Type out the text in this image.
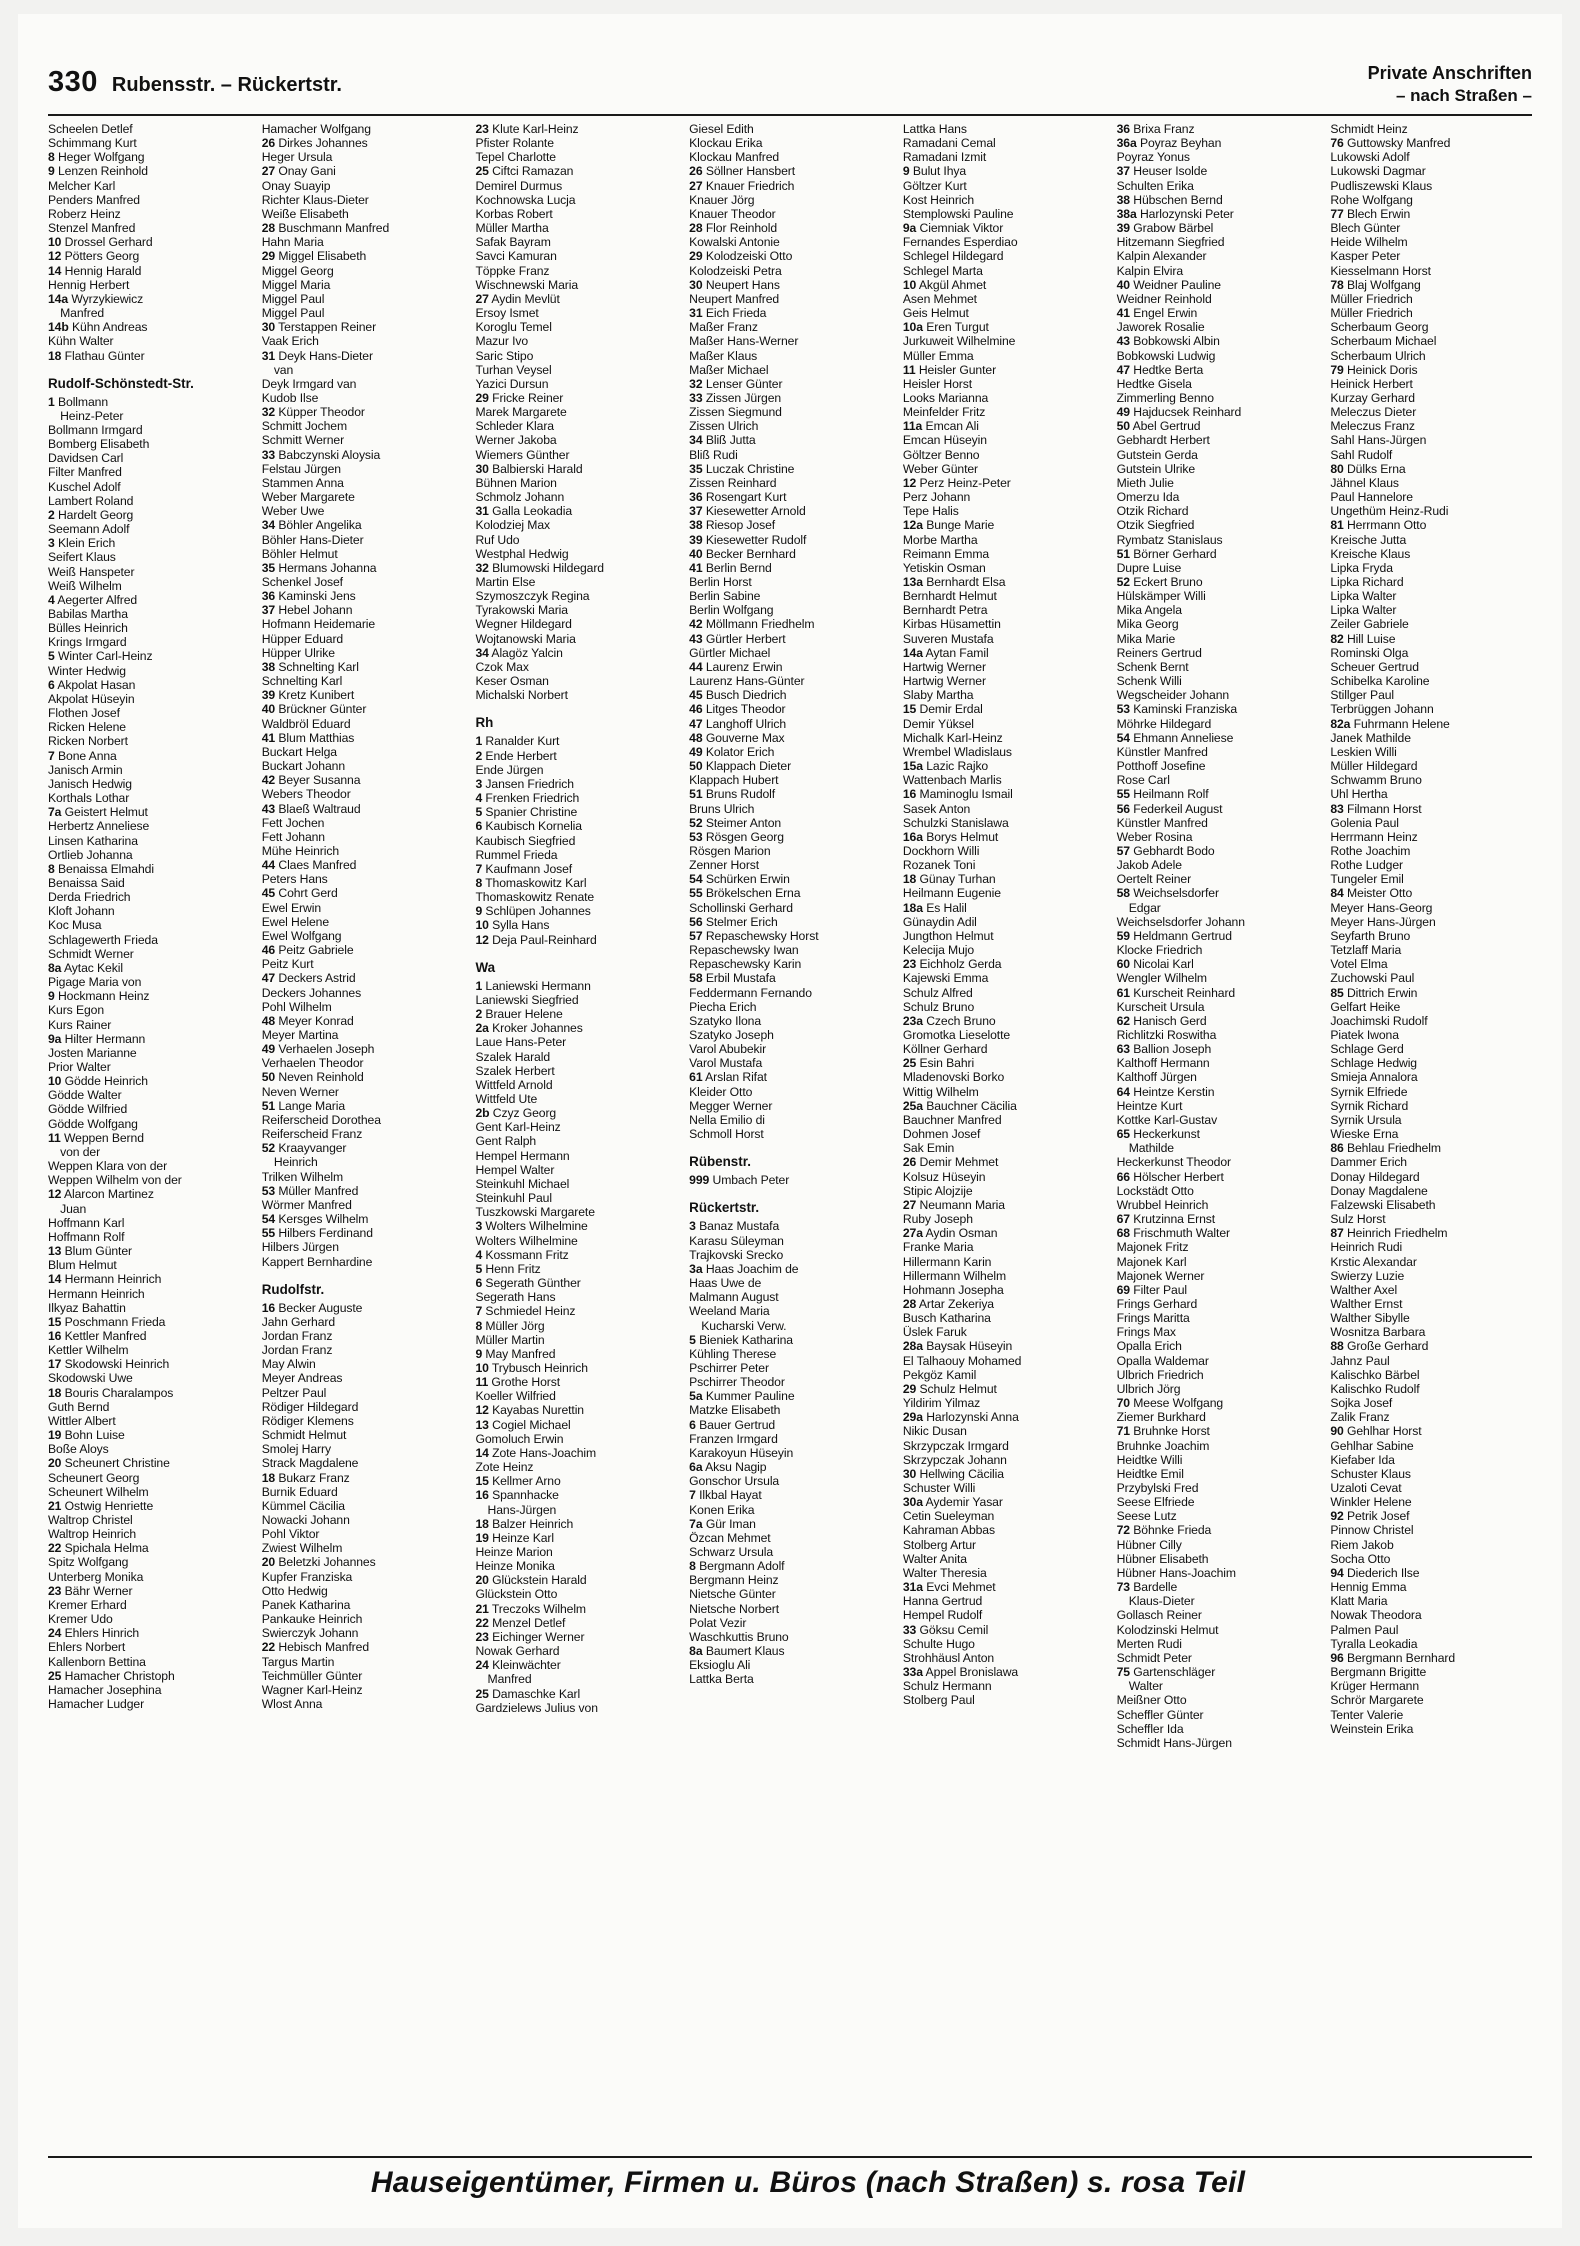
330 Rubensstr. – Rückertstr.
Private Anschriften
– nach Straßen –
Scheelen Detlef
Schimmang Kurt
8 Heger Wolfgang
9 Lenzen Reinhold
Melcher Karl
Penders Manfred
Roberz Heinz
Stenzel Manfred
10 Drossel Gerhard
12 Pötters Georg
14 Hennig Harald
Hennig Herbert
14a Wyrzykiewicz
 Manfred
14b Kühn Andreas
Kühn Walter
18 Flathau Günter
Rudolf-Schönstedt-Str.
1 Bollmann
 Heinz-Peter
Bollmann Irmgard
Bomberg Elisabeth
Davidsen Carl
Filter Manfred
Kuschel Adolf
Lambert Roland
2 Hardelt Georg
Seemann Adolf
3 Klein Erich
Seifert Klaus
Weiß Hanspeter
Weiß Wilhelm
4 Aegerter Alfred
Babilas Martha
Bülles Heinrich
Krings Irmgard
5 Winter Carl-Heinz
Winter Hedwig
6 Akpolat Hasan
Akpolat Hüseyin
Flothen Josef
Ricken Helene
Ricken Norbert
7 Bone Anna
Janisch Armin
Janisch Hedwig
Korthals Lothar
7a Geistert Helmut
Herbertz Anneliese
Linsen Katharina
Ortlieb Johanna
8 Benaissa Elmahdi
Benaissa Said
Derda Friedrich
Kloft Johann
Koc Musa
Schlagewerth Frieda
Schmidt Werner
8a Aytac Kekil
Pigage Maria von
9 Hockmann Heinz
Kurs Egon
Kurs Rainer
9a Hilter Hermann
Josten Marianne
Prior Walter
10 Gödde Heinrich
Gödde Walter
Gödde Wilfried
Gödde Wolfgang
11 Weppen Bernd
 von der
Weppen Klara von der
Weppen Wilhelm von der
12 Alarcon Martinez
 Juan
Hoffmann Karl
Hoffmann Rolf
13 Blum Günter
Blum Helmut
14 Hermann Heinrich
Hermann Heinrich
Ilkyaz Bahattin
15 Poschmann Frieda
16 Kettler Manfred
Kettler Wilhelm
17 Skodowski Heinrich
Skodowski Uwe
18 Bouris Charalampos
Guth Bernd
Wittler Albert
19 Bohn Luise
Boße Aloys
20 Scheunert Christine
Scheunert Georg
Scheunert Wilhelm
21 Ostwig Henriette
Waltrop Christel
Waltrop Heinrich
22 Spichala Helma
Spitz Wolfgang
Unterberg Monika
23 Bähr Werner
Kremer Erhard
Kremer Udo
24 Ehlers Hinrich
Ehlers Norbert
Kallenborn Bettina
25 Hamacher Christoph
Hamacher Josephina
Hamacher Ludger
Hamacher Wolfgang
26 Dirkes Johannes
Heger Ursula
27 Onay Gani
Onay Suayip
Richter Klaus-Dieter
Weiße Elisabeth
28 Buschmann Manfred
Hahn Maria
29 Miggel Elisabeth
Miggel Georg
Miggel Maria
Miggel Paul
Miggel Paul
30 Terstappen Reiner
Vaak Erich
31 Deyk Hans-Dieter
 van
Deyk Irmgard van
Kudob Ilse
32 Küpper Theodor
Schmitt Jochem
Schmitt Werner
33 Babczynski Aloysia
Felstau Jürgen
Stammen Anna
Weber Margarete
Weber Uwe
34 Böhler Angelika
Böhler Hans-Dieter
Böhler Helmut
35 Hermans Johanna
Schenkel Josef
36 Kaminski Jens
37 Hebel Johann
Hofmann Heidemarie
Hüpper Eduard
Hüpper Ulrike
38 Schnelting Karl
Schnelting Karl
39 Kretz Kunibert
40 Brückner Günter
Waldbröl Eduard
41 Blum Matthias
Buckart Helga
Buckart Johann
42 Beyer Susanna
Webers Theodor
43 Blaeß Waltraud
Fett Jochen
Fett Johann
Mühe Heinrich
44 Claes Manfred
Peters Hans
45 Cohrt Gerd
Ewel Erwin
Ewel Helene
Ewel Wolfgang
46 Peitz Gabriele
Peitz Kurt
47 Deckers Astrid
Deckers Johannes
Pohl Wilhelm
48 Meyer Konrad
Meyer Martina
49 Verhaelen Joseph
Verhaelen Theodor
50 Neven Reinhold
Neven Werner
51 Lange Maria
Reiferscheid Dorothea
Reiferscheid Franz
52 Kraayvanger
 Heinrich
Trilken Wilhelm
53 Müller Manfred
Wörmer Manfred
54 Kersges Wilhelm
55 Hilbers Ferdinand
Hilbers Jürgen
Kappert Bernhardine
Rudolfstr.
16 Becker Auguste
Jahn Gerhard
Jordan Franz
Jordan Franz
May Alwin
Meyer Andreas
Peltzer Paul
Rödiger Hildegard
Rödiger Klemens
Schmidt Helmut
Smolej Harry
Strack Magdalene
18 Bukarz Franz
Burnik Eduard
Kümmel Cäcilia
Nowacki Johann
Pohl Viktor
Zwiest Wilhelm
20 Beletzki Johannes
Kupfer Franziska
Otto Hedwig
Panek Katharina
Pankauke Heinrich
Swierczyk Johann
22 Hebisch Manfred
Targus Martin
Teichmüller Günter
Wagner Karl-Heinz
Wlost Anna
23 Klute Karl-Heinz
Pfister Rolante
Tepel Charlotte
25 Ciftci Ramazan
Demirel Durmus
Kochnowska Lucja
Korbas Robert
Müller Martha
Safak Bayram
Savci Kamuran
Töppke Franz
Wischnewski Maria
27 Aydin Mevlüt
Ersoy Ismet
Koroglu Temel
Mazur Ivo
Saric Stipo
Turhan Veysel
Yazici Dursun
29 Fricke Reiner
Marek Margarete
Schleder Klara
Werner Jakoba
Wiemers Günther
30 Balbierski Harald
Bühnen Marion
Schmolz Johann
31 Galla Leokadia
Kolodziej Max
Ruf Udo
Westphal Hedwig
32 Blumowski Hildegard
Martin Else
Szymoszczyk Regina
Tyrakowski Maria
Wegner Hildegard
Wojtanowski Maria
34 Alagöz Yalcin
Czok Max
Keser Osman
Michalski Norbert
Rh
1 Ranalder Kurt
2 Ende Herbert
Ende Jürgen
3 Jansen Friedrich
4 Frenken Friedrich
5 Spanier Christine
6 Kaubisch Kornelia
Kaubisch Siegfried
Rummel Frieda
7 Kaufmann Josef
8 Thomaskowitz Karl
Thomaskowitz Renate
9 Schlüpen Johannes
10 Sylla Hans
12 Deja Paul-Reinhard
Wa
1 Laniewski Hermann
Laniewski Siegfried
2 Brauer Helene
2a Kroker Johannes
Laue Hans-Peter
Szalek Harald
Szalek Herbert
Wittfeld Arnold
Wittfeld Ute
2b Czyz Georg
Gent Karl-Heinz
Gent Ralph
Hempel Hermann
Hempel Walter
Steinkuhl Michael
Steinkuhl Paul
Tuszkowski Margarete
3 Wolters Wilhelmine
Wolters Wilhelmine
4 Kossmann Fritz
5 Henn Fritz
6 Segerath Günther
Segerath Hans
7 Schmiedel Heinz
8 Müller Jörg
Müller Martin
9 May Manfred
10 Trybusch Heinrich
11 Grothe Horst
Koeller Wilfried
12 Kayabas Nurettin
13 Cogiel Michael
Gomoluch Erwin
14 Zote Hans-Joachim
Zote Heinz
15 Kellmer Arno
16 Spannhacke
 Hans-Jürgen
18 Balzer Heinrich
19 Heinze Karl
Heinze Marion
Heinze Monika
20 Glückstein Harald
Glückstein Otto
21 Treczoks Wilhelm
22 Menzel Detlef
23 Eichinger Werner
Nowak Gerhard
24 Kleinwächter
 Manfred
25 Damaschke Karl
Gardzielews Julius von
Giesel Edith
Klockau Erika
Klockau Manfred
26 Söllner Hansbert
27 Knauer Friedrich
Knauer Jörg
Knauer Theodor
28 Flor Reinhold
Kowalski Antonie
29 Kolodzeiski Otto
Kolodzeiski Petra
30 Neupert Hans
Neupert Manfred
31 Eich Frieda
Maßer Franz
Maßer Hans-Werner
Maßer Klaus
Maßer Michael
32 Lenser Günter
33 Zissen Jürgen
Zissen Siegmund
Zissen Ulrich
34 Bliß Jutta
Bliß Rudi
35 Luczak Christine
Zissen Reinhard
36 Rosengart Kurt
37 Kiesewetter Arnold
38 Riesop Josef
39 Kiesewetter Rudolf
40 Becker Bernhard
41 Berlin Bernd
Berlin Horst
Berlin Sabine
Berlin Wolfgang
42 Möllmann Friedhelm
43 Gürtler Herbert
Gürtler Michael
44 Laurenz Erwin
Laurenz Hans-Günter
45 Busch Diedrich
46 Litges Theodor
47 Langhoff Ulrich
48 Gouverne Max
49 Kolator Erich
50 Klappach Dieter
Klappach Hubert
51 Bruns Rudolf
Bruns Ulrich
52 Steimer Anton
53 Rösgen Georg
Rösgen Marion
Zenner Horst
54 Schürken Erwin
55 Brökelschen Erna
Schollinski Gerhard
56 Stelmer Erich
57 Repaschewsky Horst
Repaschewsky Iwan
Repaschewsky Karin
58 Erbil Mustafa
Feddermann Fernando
Piecha Erich
Szatyko Ilona
Szatyko Joseph
Varol Abubekir
Varol Mustafa
61 Arslan Rifat
Kleider Otto
Megger Werner
Nella Emilio di
Schmoll Horst
Rübenstr.
999 Umbach Peter
Rückertstr.
3 Banaz Mustafa
Karasu Süleyman
Trajkovski Srecko
3a Haas Joachim de
Haas Uwe de
Malmann August
Weeland Maria
 Kucharski Verw.
5 Bieniek Katharina
Kühling Therese
Pschirrer Peter
Pschirrer Theodor
5a Kummer Pauline
Matzke Elisabeth
6 Bauer Gertrud
Franzen Irmgard
Karakoyun Hüseyin
6a Aksu Nagip
Gonschor Ursula
7 Ilkbal Hayat
Konen Erika
7a Gür Iman
Özcan Mehmet
Schwarz Ursula
8 Bergmann Adolf
Bergmann Heinz
Nietsche Günter
Nietsche Norbert
Polat Vezir
Waschkuttis Bruno
8a Baumert Klaus
Eksioglu Ali
Lattka Berta
Lattka Hans
Ramadani Cemal
Ramadani Izmit
9 Bulut Ihya
Göltzer Kurt
Kost Heinrich
Stemplowski Pauline
9a Ciemniak Viktor
Fernandes Esperdiao
Schlegel Hildegard
Schlegel Marta
10 Akgül Ahmet
Asen Mehmet
Geis Helmut
10a Eren Turgut
Jurkuweit Wilhelmine
Müller Emma
11 Heisler Gunter
Heisler Horst
Looks Marianna
Meinfelder Fritz
11a Emcan Ali
Emcan Hüseyin
Göltzer Benno
Weber Günter
12 Perz Heinz-Peter
Perz Johann
Tepe Halis
12a Bunge Marie
Morbe Martha
Reimann Emma
Yetiskin Osman
13a Bernhardt Elsa
Bernhardt Helmut
Bernhardt Petra
Kirbas Hüsamettin
Suveren Mustafa
14a Aytan Famil
Hartwig Werner
Hartwig Werner
Slaby Martha
15 Demir Erdal
Demir Yüksel
Michalk Karl-Heinz
Wrembel Wladislaus
15a Lazic Rajko
Wattenbach Marlis
16 Maminoglu Ismail
Sasek Anton
Schulzki Stanislawa
16a Borys Helmut
Dockhorn Willi
Rozanek Toni
18 Günay Turhan
Heilmann Eugenie
18a Es Halil
Günaydin Adil
Jungthon Helmut
Kelecija Mujo
23 Eichholz Gerda
Kajewski Emma
Schulz Alfred
Schulz Bruno
23a Czech Bruno
Gromotka Lieselotte
Köllner Gerhard
25 Esin Bahri
Mladenovski Borko
Wittig Wilhelm
25a Bauchner Cäcilia
Bauchner Manfred
Dohmen Josef
Sak Emin
26 Demir Mehmet
Kolsuz Hüseyin
Stipic Alojzije
27 Neumann Maria
Ruby Joseph
27a Aydin Osman
Franke Maria
Hillermann Karin
Hillermann Wilhelm
Hohmann Josepha
28 Artar Zekeriya
Busch Katharina
Üslek Faruk
28a Baysak Hüseyin
El Talhaouy Mohamed
Pekgöz Kamil
29 Schulz Helmut
Yildirim Yilmaz
29a Harlozynski Anna
Nikic Dusan
Skrzypczak Irmgard
Skrzypczak Johann
30 Hellwing Cäcilia
Schuster Willi
30a Aydemir Yasar
Cetin Sueleyman
Kahraman Abbas
Stolberg Artur
Walter Anita
Walter Theresia
31a Evci Mehmet
Hanna Gertrud
Hempel Rudolf
33 Göksu Cemil
Schulte Hugo
Strohhäusl Anton
33a Appel Bronislawa
Schulz Hermann
Stolberg Paul
36 Brixa Franz
36a Poyraz Beyhan
Poyraz Yonus
37 Heuser Isolde
Schulten Erika
38 Hübschen Bernd
38a Harlozynski Peter
39 Grabow Bärbel
Hitzemann Siegfried
Kalpin Alexander
Kalpin Elvira
40 Weidner Pauline
Weidner Reinhold
41 Engel Erwin
Jaworek Rosalie
43 Bobkowski Albin
Bobkowski Ludwig
47 Hedtke Berta
Hedtke Gisela
Zimmerling Benno
49 Hajducsek Reinhard
50 Abel Gertrud
Gebhardt Herbert
Gutstein Gerda
Gutstein Ulrike
Mieth Julie
Omerzu Ida
Otzik Richard
Otzik Siegfried
Rymbatz Stanislaus
51 Börner Gerhard
Dupre Luise
52 Eckert Bruno
Hülskämper Willi
Mika Angela
Mika Georg
Mika Marie
Reiners Gertrud
Schenk Bernt
Schenk Willi
Wegscheider Johann
53 Kaminski Franziska
Möhrke Hildegard
54 Ehmann Anneliese
Künstler Manfred
Potthoff Josefine
Rose Carl
55 Heilmann Rolf
56 Federkeil August
Künstler Manfred
Weber Rosina
57 Gebhardt Bodo
Jakob Adele
Oertelt Reiner
58 Weichselsdorfer
 Edgar
Weichselsdorfer Johann
59 Heldmann Gertrud
Klocke Friedrich
60 Nicolai Karl
Wengler Wilhelm
61 Kurscheit Reinhard
Kurscheit Ursula
62 Hanisch Gerd
Richlitzki Roswitha
63 Ballion Joseph
Kalthoff Hermann
Kalthoff Jürgen
64 Heintze Kerstin
Heintze Kurt
Kottke Karl-Gustav
65 Heckerkunst
 Mathilde
Heckerkunst Theodor
66 Hölscher Herbert
Lockstädt Otto
Wrubbel Heinrich
67 Krutzinna Ernst
68 Frischmuth Walter
Majonek Fritz
Majonek Karl
Majonek Werner
69 Filter Paul
Frings Gerhard
Frings Maritta
Frings Max
Opalla Erich
Opalla Waldemar
Ulbrich Friedrich
Ulbrich Jörg
70 Meese Wolfgang
Ziemer Burkhard
71 Bruhnke Horst
Bruhnke Joachim
Heidtke Willi
Heidtke Emil
Przybylski Fred
Seese Elfriede
Seese Lutz
72 Böhnke Frieda
Hübner Cilly
Hübner Elisabeth
Hübner Hans-Joachim
73 Bardelle
 Klaus-Dieter
Gollasch Reiner
Kolodzinski Helmut
Merten Rudi
Schmidt Peter
75 Gartenschläger
 Walter
Meißner Otto
Scheffler Günter
Scheffler Ida
Schmidt Hans-Jürgen
Schmidt Heinz
76 Guttowsky Manfred
Lukowski Adolf
Lukowski Dagmar
Pudliszewski Klaus
Rohe Wolfgang
77 Blech Erwin
Blech Günter
Heide Wilhelm
Kasper Peter
Kiesselmann Horst
78 Blaj Wolfgang
Müller Friedrich
Müller Friedrich
Scherbaum Georg
Scherbaum Michael
Scherbaum Ulrich
79 Heinick Doris
Heinick Herbert
Kurzay Gerhard
Meleczus Dieter
Meleczus Franz
Sahl Hans-Jürgen
Sahl Rudolf
80 Dülks Erna
Jähnel Klaus
Paul Hannelore
Ungethüm Heinz-Rudi
81 Herrmann Otto
Kreische Jutta
Kreische Klaus
Lipka Fryda
Lipka Richard
Lipka Walter
Lipka Walter
Zeiler Gabriele
82 Hill Luise
Rominski Olga
Scheuer Gertrud
Schibelka Karoline
Stillger Paul
Terbrüggen Johann
82a Fuhrmann Helene
Janek Mathilde
Leskien Willi
Müller Hildegard
Schwamm Bruno
Uhl Hertha
83 Filmann Horst
Golenia Paul
Herrmann Heinz
Rothe Joachim
Rothe Ludger
Tungeler Emil
84 Meister Otto
Meyer Hans-Georg
Meyer Hans-Jürgen
Seyfarth Bruno
Tetzlaff Maria
Votel Elma
Zuchowski Paul
85 Dittrich Erwin
Gelfart Heike
Joachimski Rudolf
Piatek Iwona
Schlage Gerd
Schlage Hedwig
Smieja Annalora
Syrnik Elfriede
Syrnik Richard
Syrnik Ursula
Wieske Erna
86 Behlau Friedhelm
Dammer Erich
Donay Hildegard
Donay Magdalene
Falzewski Elisabeth
Sulz Horst
87 Heinrich Friedhelm
Heinrich Rudi
Krstic Alexandar
Swierzy Luzie
Walther Axel
Walther Ernst
Walther Sibylle
Wosnitza Barbara
88 Große Gerhard
Jahnz Paul
Kalischko Bärbel
Kalischko Rudolf
Sojka Josef
Zalik Franz
90 Gehlhar Horst
Gehlhar Sabine
Kiefaber Ida
Schuster Klaus
Uzaloti Cevat
Winkler Helene
92 Petrik Josef
Pinnow Christel
Riem Jakob
Socha Otto
94 Diederich Ilse
Hennig Emma
Klatt Maria
Nowak Theodora
Palmen Paul
Tyralla Leokadia
96 Bergmann Bernhard
Bergmann Brigitte
Krüger Hermann
Schrör Margarete
Tenter Valerie
Weinstein Erika
Hauseigentümer, Firmen u. Büros (nach Straßen) s. rosa Teil
